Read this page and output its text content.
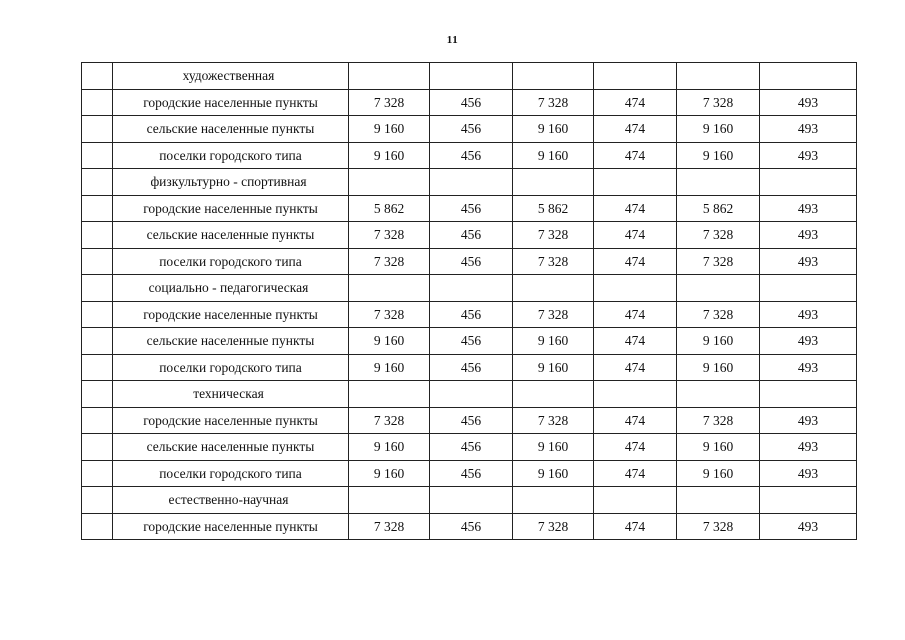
11
	художественная						
	городские населенные пункты	7 328	456	7 328	474	7 328	493
	сельские населенные пункты	9 160	456	9 160	474	9 160	493
	поселки городского типа	9 160	456	9 160	474	9 160	493
	физкультурно - спортивная						
	городские населенные пункты	5 862	456	5 862	474	5 862	493
	сельские населенные пункты	7 328	456	7 328	474	7 328	493
	поселки городского типа	7 328	456	7 328	474	7 328	493
	социально - педагогическая						
	городские населенные пункты	7 328	456	7 328	474	7 328	493
	сельские населенные пункты	9 160	456	9 160	474	9 160	493
	поселки городского типа	9 160	456	9 160	474	9 160	493
	техническая						
	городские населенные пункты	7 328	456	7 328	474	7 328	493
	сельские населенные пункты	9 160	456	9 160	474	9 160	493
	поселки городского типа	9 160	456	9 160	474	9 160	493
	естественно-научная						
	городские населенные пункты	7 328	456	7 328	474	7 328	493
